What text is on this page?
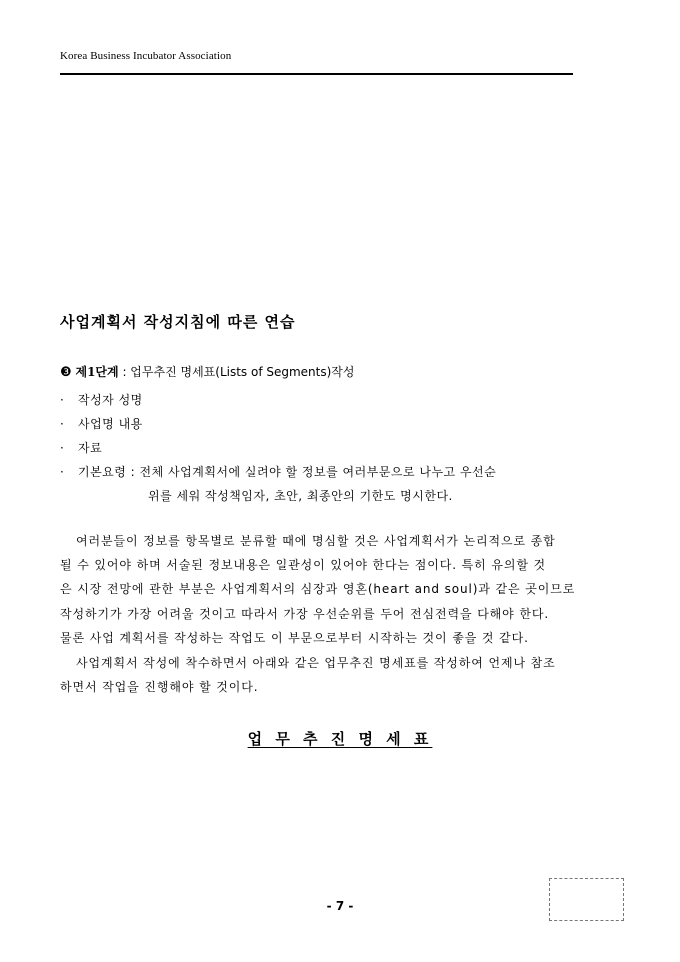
Korea Business Incubator Association
사업계획서 작성지침에 따른 연습
❸ 제1단계 : 업무추진 명세표(Lists of Segments)작성
· 작성자 성명
· 사업명 내용
· 자료
· 기본요령 : 전체 사업계획서에 실려야 할 정보를 여러부문으로 나누고 우선순
위를 세워 작성책임자, 초안, 최종안의 기한도 명시한다.
여러분들이 정보를 항목별로 분류할 때에 명심할 것은 사업계획서가 논리적으로 종합
될 수 있어야 하며 서술된 정보내용은 일관성이 있어야 한다는 점이다. 특히 유의할 것
은 시장 전망에 관한 부분은 사업계획서의 심장과 영혼(heart and soul)과 같은 곳이므로
작성하기가 가장 어려울 것이고 따라서 가장 우선순위를 두어 전심전력을 다해야 한다.
물론 사업 계획서를 작성하는 작업도 이 부문으로부터 시작하는 것이 좋을 것 같다.
사업계획서 작성에 착수하면서 아래와 같은 업무추진 명세표를 작성하여 언제나 참조
하면서 작업을 진행해야 할 것이다.
업 무 추 진 명 세 표
- 7 -
